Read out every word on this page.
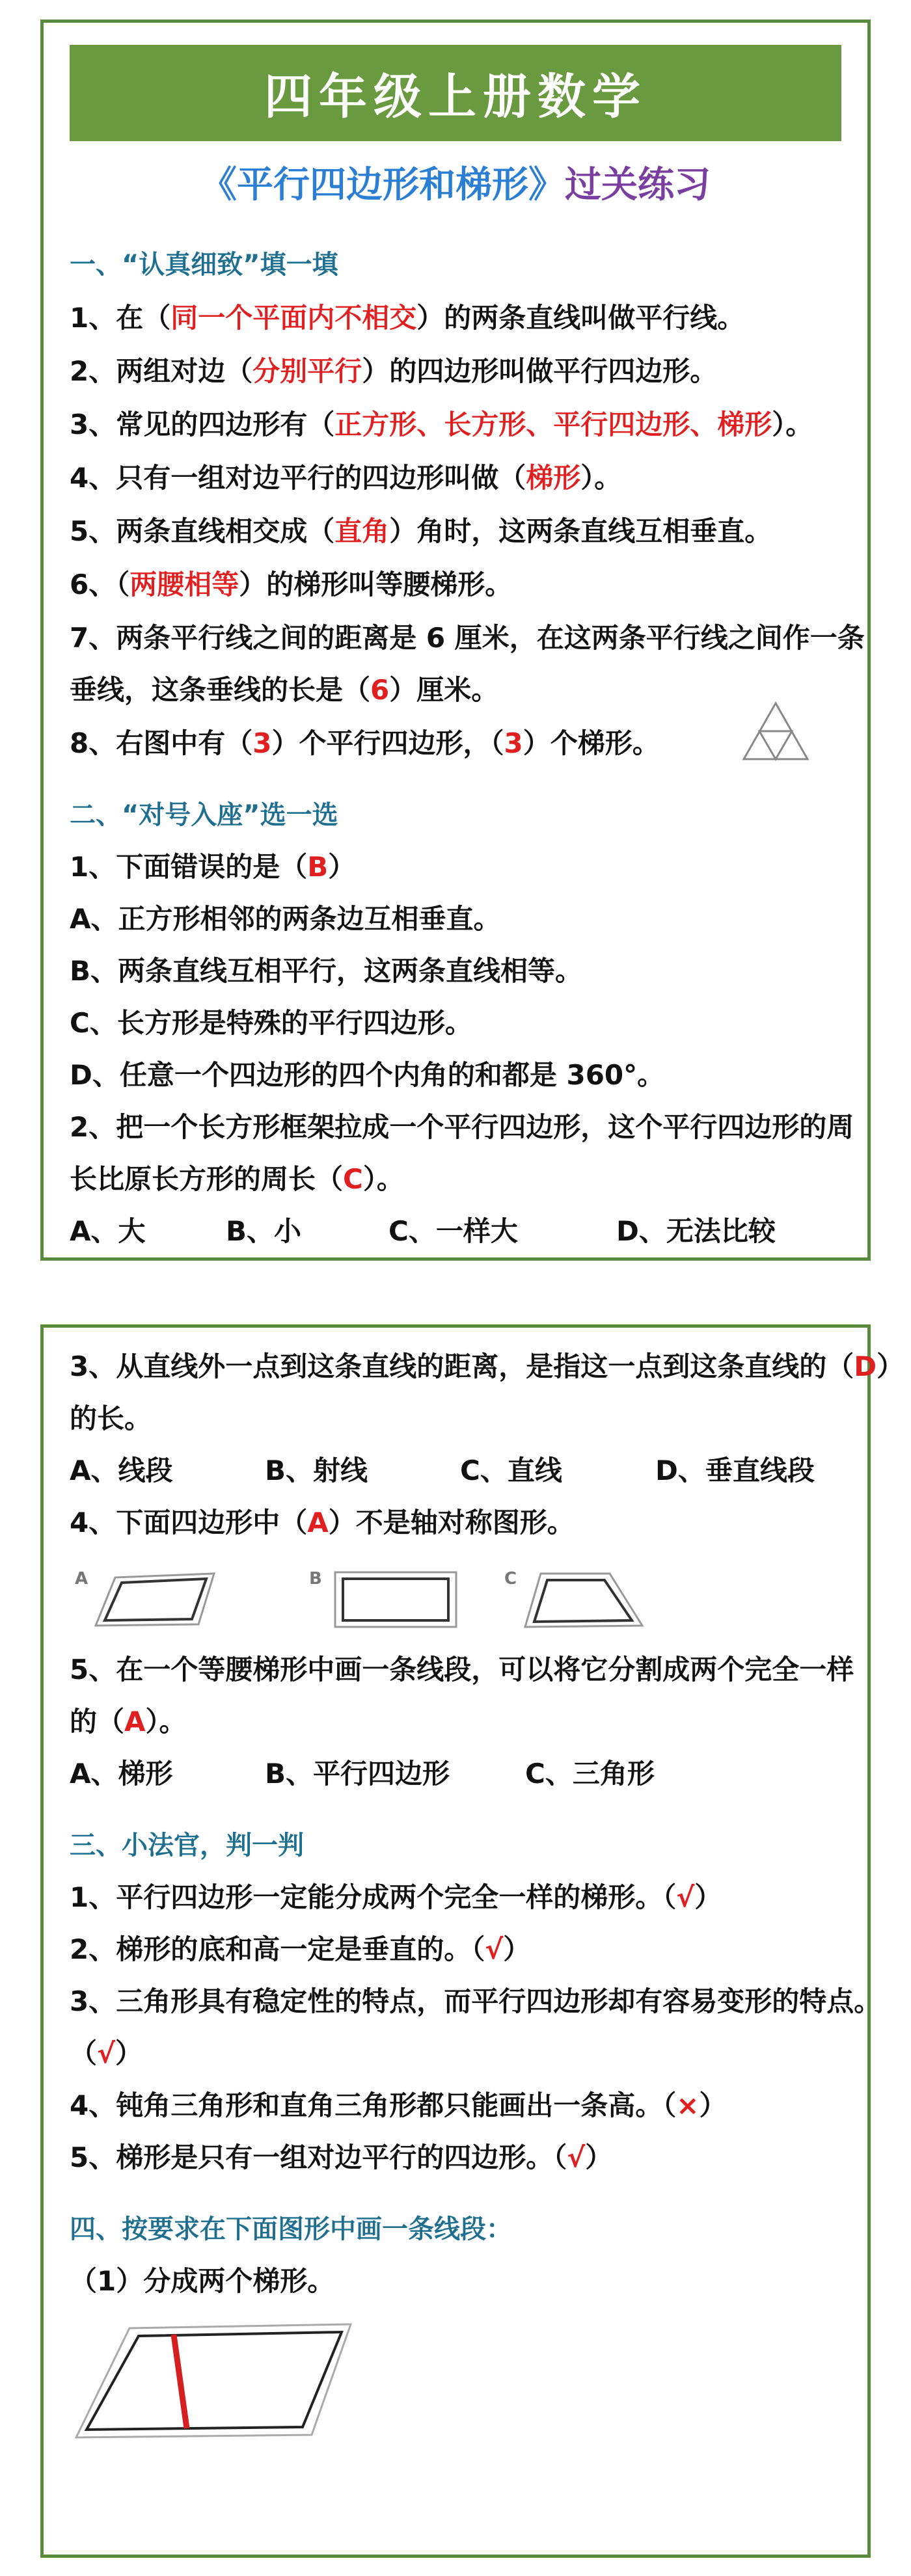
四年级上册数学
《平行四边形和梯形》过关练习
一、“认真细致”填一填
1、在（同一个平面内不相交）的两条直线叫做平行线。
2、两组对边（分别平行）的四边形叫做平行四边形。
3、常见的四边形有（正方形、长方形、平行四边形、梯形）。
4、只有一组对边平行的四边形叫做（梯形）。
5、两条直线相交成（直角）角时，这两条直线互相垂直。
6、（两腰相等）的梯形叫等腰梯形。
7、两条平行线之间的距离是 6 厘米，在这两条平行线之间作一条
垂线，这条垂线的长是（6）厘米。
8、右图中有（3）个平行四边形，（3）个梯形。
二、“对号入座”选一选
1、下面错误的是（B）
A、正方形相邻的两条边互相垂直。
B、两条直线互相平行，这两条直线相等。
C、长方形是特殊的平行四边形。
D、任意一个四边形的四个内角的和都是 360°。
2、把一个长方形框架拉成一个平行四边形，这个平行四边形的周
长比原长方形的周长（C）。
A、大	B、小	C、一样大	D、无法比较
3、从直线外一点到这条直线的距离，是指这一点到这条直线的（D）
的长。
A、线段	B、射线	C、直线	D、垂直线段
4、下面四边形中（A）不是轴对称图形。
A	B	C
5、在一个等腰梯形中画一条线段，可以将它分割成两个完全一样
的（A）。
A、梯形	B、平行四边形	C、三角形
三、小法官，判一判
1、平行四边形一定能分成两个完全一样的梯形。（√）
2、梯形的底和高一定是垂直的。（√）
3、三角形具有稳定性的特点，而平行四边形却有容易变形的特点。
（√）
4、钝角三角形和直角三角形都只能画出一条高。（×）
5、梯形是只有一组对边平行的四边形。（√）
四、按要求在下面图形中画一条线段：
（1）分成两个梯形。
